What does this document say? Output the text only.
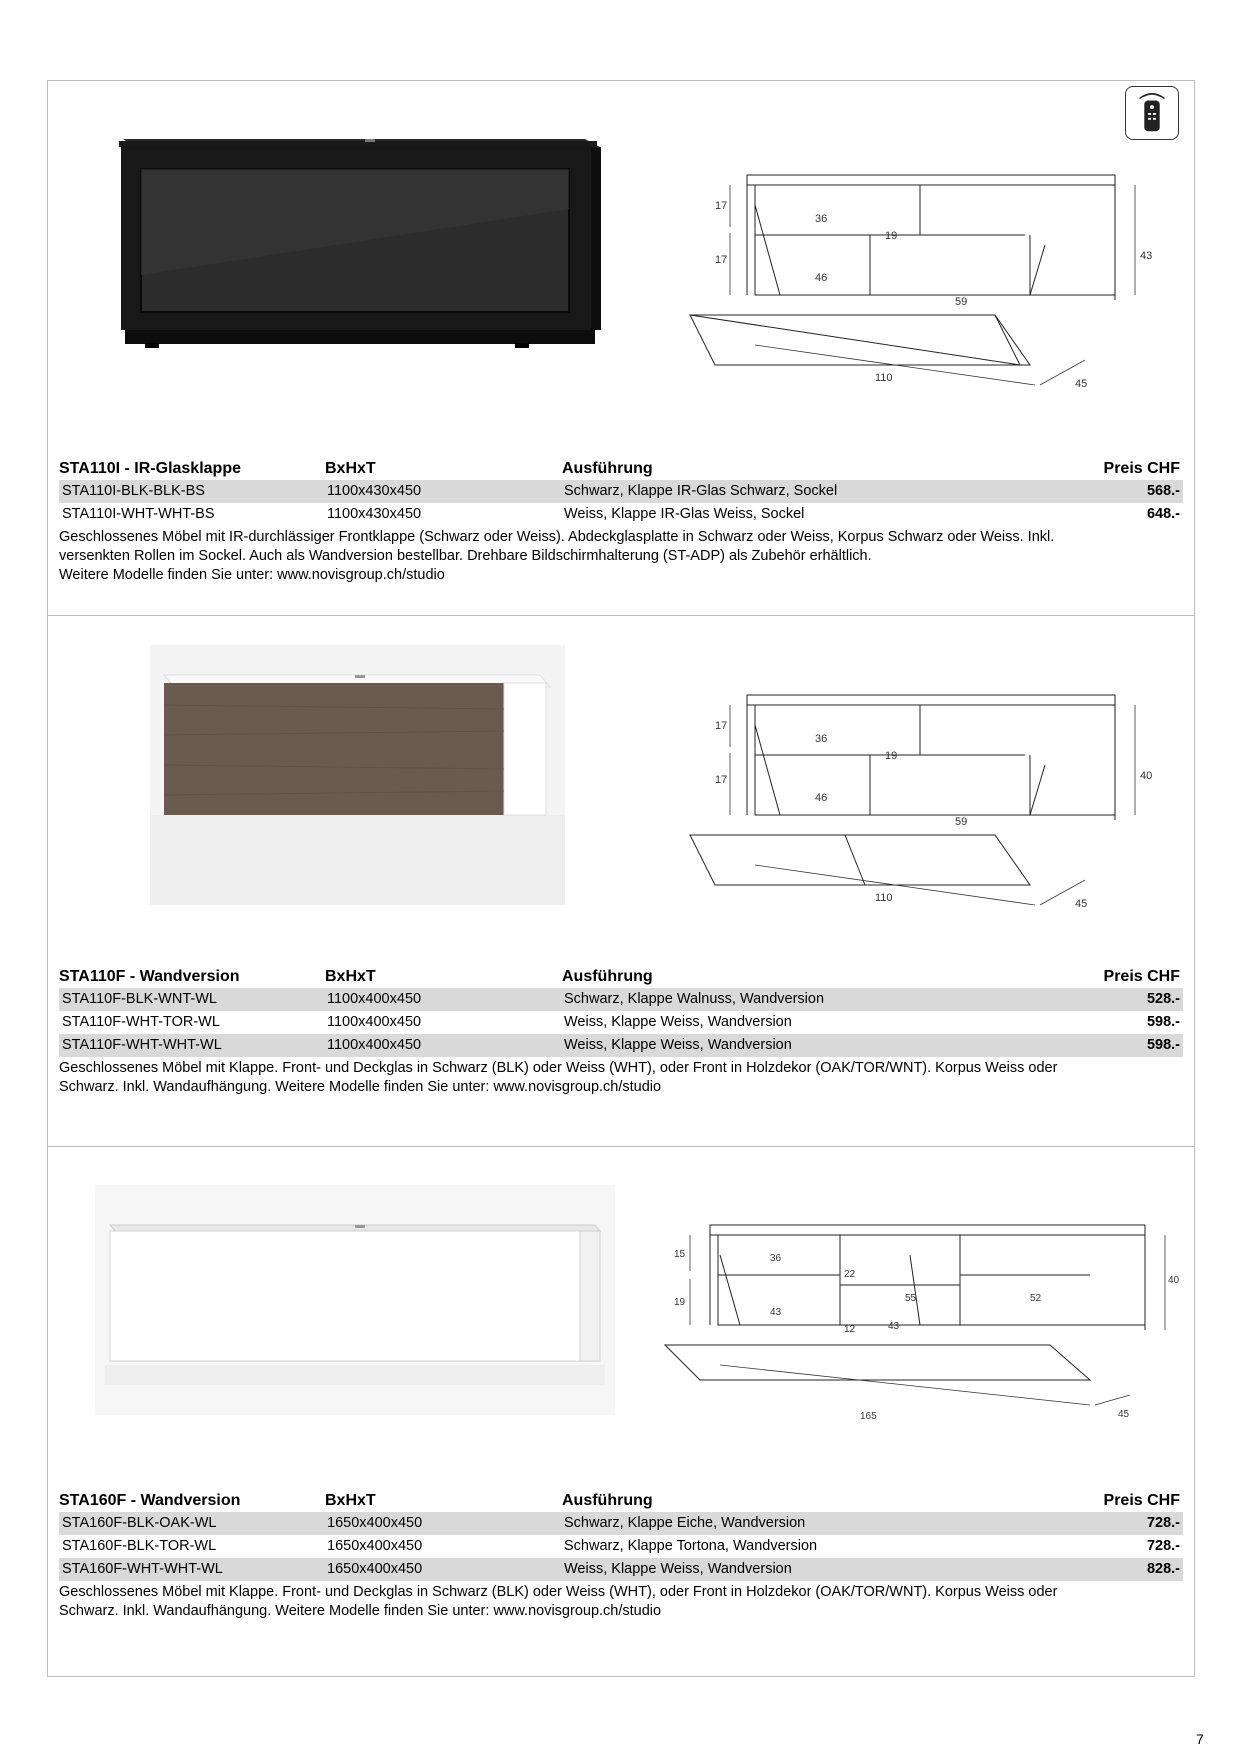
17
17
36
19
46
59
43
110	45
STA110I - IR-Glasklappe	BxHxT	Ausführung	Preis CHF
STA110I-BLK-BLK-BS	1100x430x450	Schwarz, Klappe IR-Glas Schwarz, Sockel	568.-
STA110I-WHT-WHT-BS	1100x430x450	Weiss, Klappe IR-Glas Weiss, Sockel	648.-
Geschlossenes Möbel mit IR-durchlässiger Frontklappe (Schwarz oder Weiss). Abdeckglasplatte in Schwarz oder Weiss, Korpus Schwarz oder Weiss. Inkl.
versenkten Rollen im Sockel. Auch als Wandversion bestellbar. Drehbare Bildschirmhalterung (ST-ADP) als Zubehör erhältlich.
Weitere Modelle finden Sie unter: www.novisgroup.ch/studio
17
17
36
19
46
59
40
110	45
STA110F - Wandversion	BxHxT	Ausführung	Preis CHF
STA110F-BLK-WNT-WL	1100x400x450	Schwarz, Klappe Walnuss, Wandversion	528.-
STA110F-WHT-TOR-WL	1100x400x450	Weiss, Klappe Weiss, Wandversion	598.-
STA110F-WHT-WHT-WL	1100x400x450	Weiss, Klappe Weiss, Wandversion	598.-
Geschlossenes Möbel mit Klappe. Front- und Deckglas in Schwarz (BLK) oder Weiss (WHT), oder Front in Holzdekor (OAK/TOR/WNT). Korpus Weiss oder
Schwarz. Inkl. Wandaufhängung. Weitere Modelle finden Sie unter: www.novisgroup.ch/studio
15
19
36
22
43
55	52
12	43
40
165	45
STA160F - Wandversion	BxHxT	Ausführung	Preis CHF
STA160F-BLK-OAK-WL	1650x400x450	Schwarz, Klappe Eiche, Wandversion	728.-
STA160F-BLK-TOR-WL	1650x400x450	Schwarz, Klappe Tortona, Wandversion	728.-
STA160F-WHT-WHT-WL	1650x400x450	Weiss, Klappe Weiss, Wandversion	828.-
Geschlossenes Möbel mit Klappe. Front- und Deckglas in Schwarz (BLK) oder Weiss (WHT), oder Front in Holzdekor (OAK/TOR/WNT). Korpus Weiss oder
Schwarz. Inkl. Wandaufhängung. Weitere Modelle finden Sie unter: www.novisgroup.ch/studio
7
